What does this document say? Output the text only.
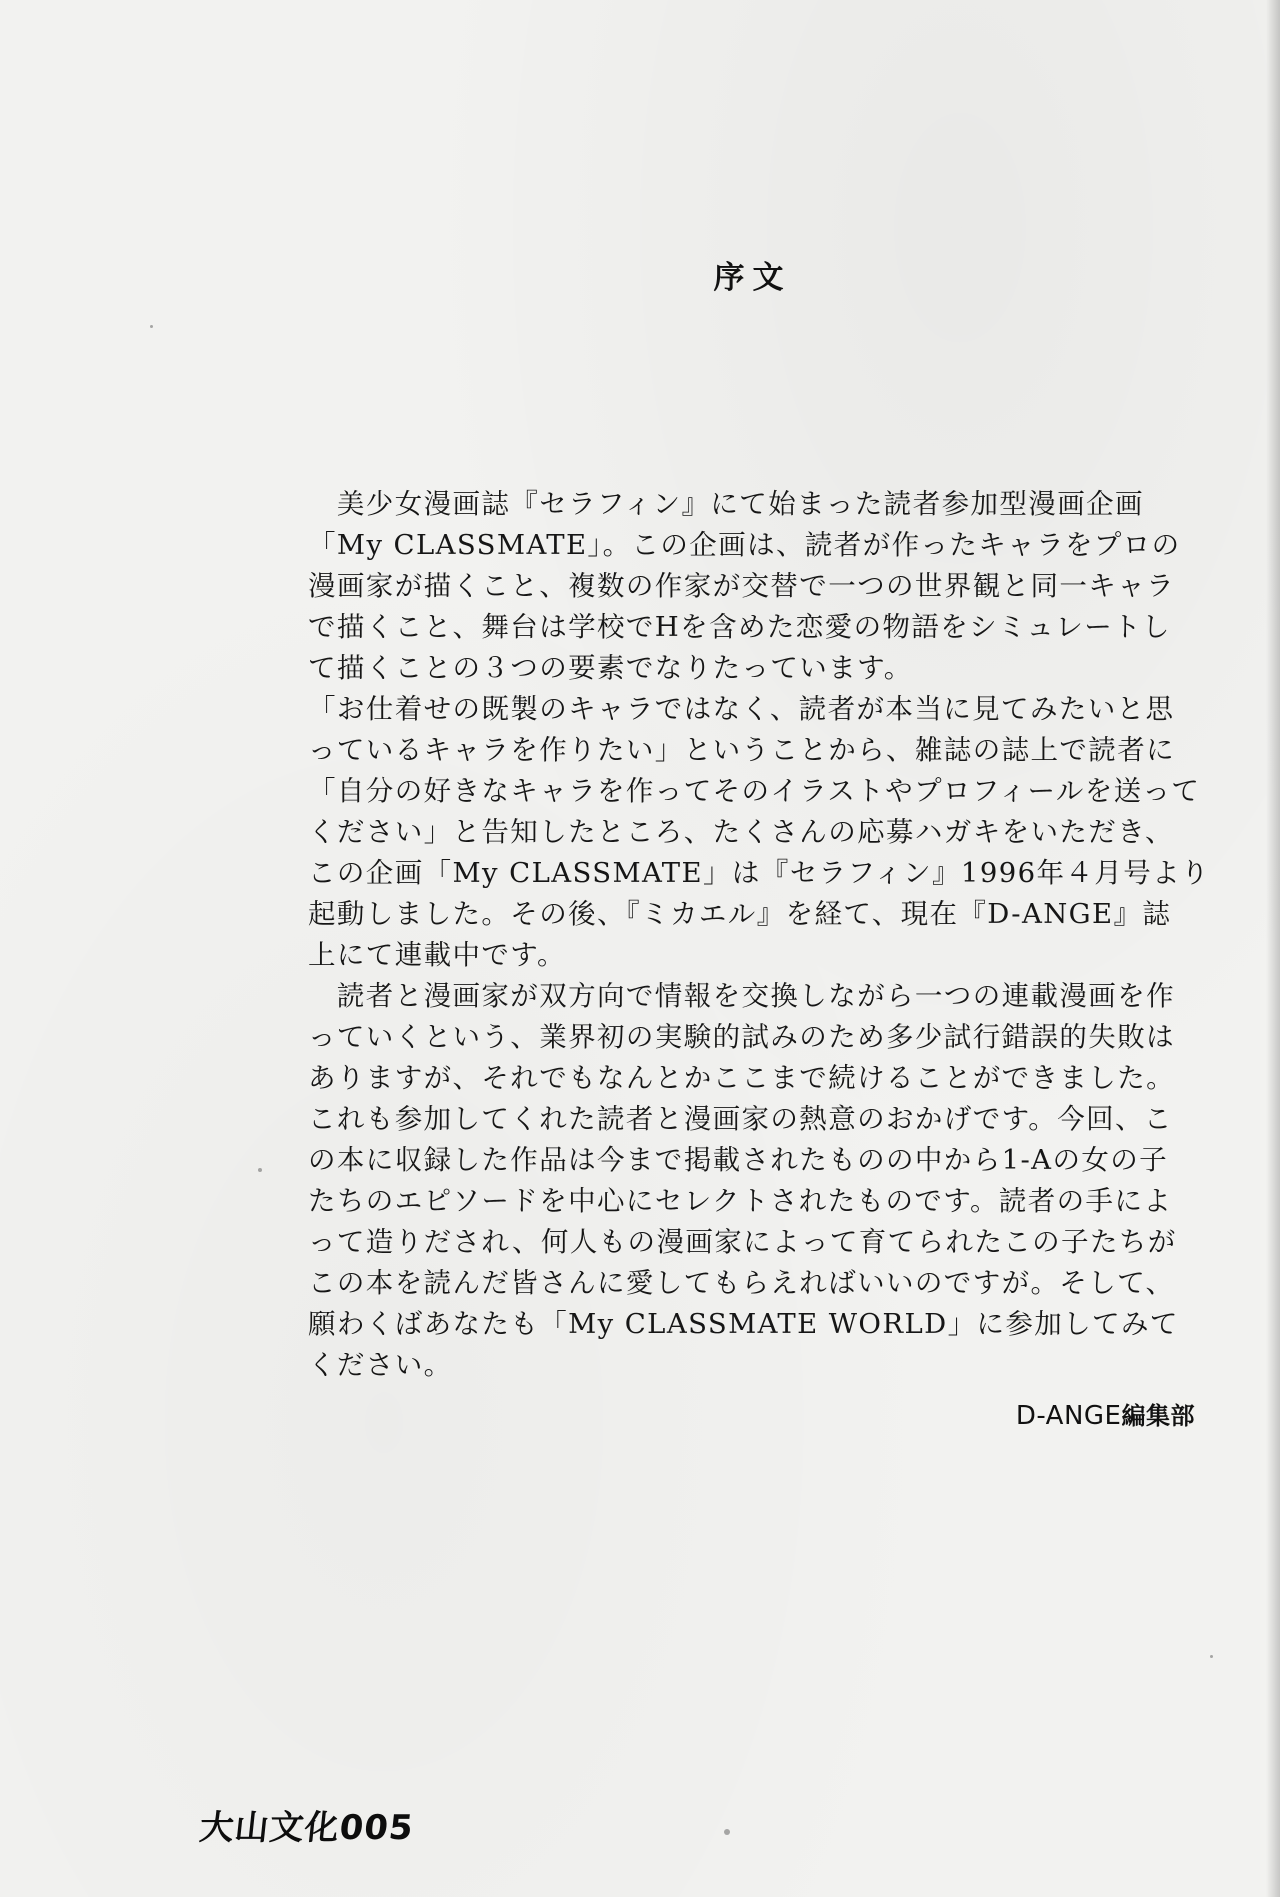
序文
　美少女漫画誌『セラフィン』にて始まった読者参加型漫画企画
「My CLASSMATE」。この企画は、読者が作ったキャラをプロの
漫画家が描くこと、複数の作家が交替で一つの世界観と同一キャラ
で描くこと、舞台は学校でHを含めた恋愛の物語をシミュレートし
て描くことの３つの要素でなりたっています。
「お仕着せの既製のキャラではなく、読者が本当に見てみたいと思
っているキャラを作りたい」ということから、雑誌の誌上で読者に
「自分の好きなキャラを作ってそのイラストやプロフィールを送って
ください」と告知したところ、たくさんの応募ハガキをいただき、
この企画「My CLASSMATE」は『セラフィン』1996年４月号より
起動しました。その後、『ミカエル』を経て、現在『D-ANGE』誌
上にて連載中です。
　読者と漫画家が双方向で情報を交換しながら一つの連載漫画を作
っていくという、業界初の実験的試みのため多少試行錯誤的失敗は
ありますが、それでもなんとかここまで続けることができました。
これも参加してくれた読者と漫画家の熱意のおかげです。今回、こ
の本に収録した作品は今まで掲載されたものの中から1-Aの女の子
たちのエピソードを中心にセレクトされたものです。読者の手によ
って造りだされ、何人もの漫画家によって育てられたこの子たちが
この本を読んだ皆さんに愛してもらえればいいのですが。そして、
願わくばあなたも「My CLASSMATE WORLD」に参加してみて
ください。
D-ANGE編集部
大山文化005
